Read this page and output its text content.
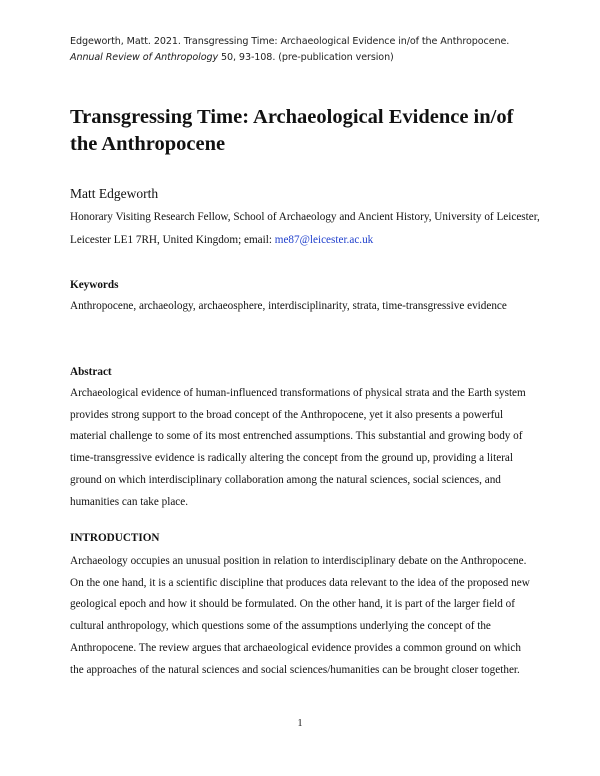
Edgeworth, Matt. 2021. Transgressing Time: Archaeological Evidence in/of the Anthropocene. Annual Review of Anthropology 50, 93-108. (pre-publication version)
Transgressing Time: Archaeological Evidence in/of the Anthropocene
Matt Edgeworth
Honorary Visiting Research Fellow, School of Archaeology and Ancient History, University of Leicester, Leicester LE1 7RH, United Kingdom; email: me87@leicester.ac.uk
Keywords
Anthropocene, archaeology, archaeosphere, interdisciplinarity, strata, time-transgressive evidence
Abstract
Archaeological evidence of human-influenced transformations of physical strata and the Earth system provides strong support to the broad concept of the Anthropocene, yet it also presents a powerful material challenge to some of its most entrenched assumptions. This substantial and growing body of time-transgressive evidence is radically altering the concept from the ground up, providing a literal ground on which interdisciplinary collaboration among the natural sciences, social sciences, and humanities can take place.
INTRODUCTION
Archaeology occupies an unusual position in relation to interdisciplinary debate on the Anthropocene. On the one hand, it is a scientific discipline that produces data relevant to the idea of the proposed new geological epoch and how it should be formulated. On the other hand, it is part of the larger field of cultural anthropology, which questions some of the assumptions underlying the concept of the Anthropocene. The review argues that archaeological evidence provides a common ground on which the approaches of the natural sciences and social sciences/humanities can be brought closer together.
1
